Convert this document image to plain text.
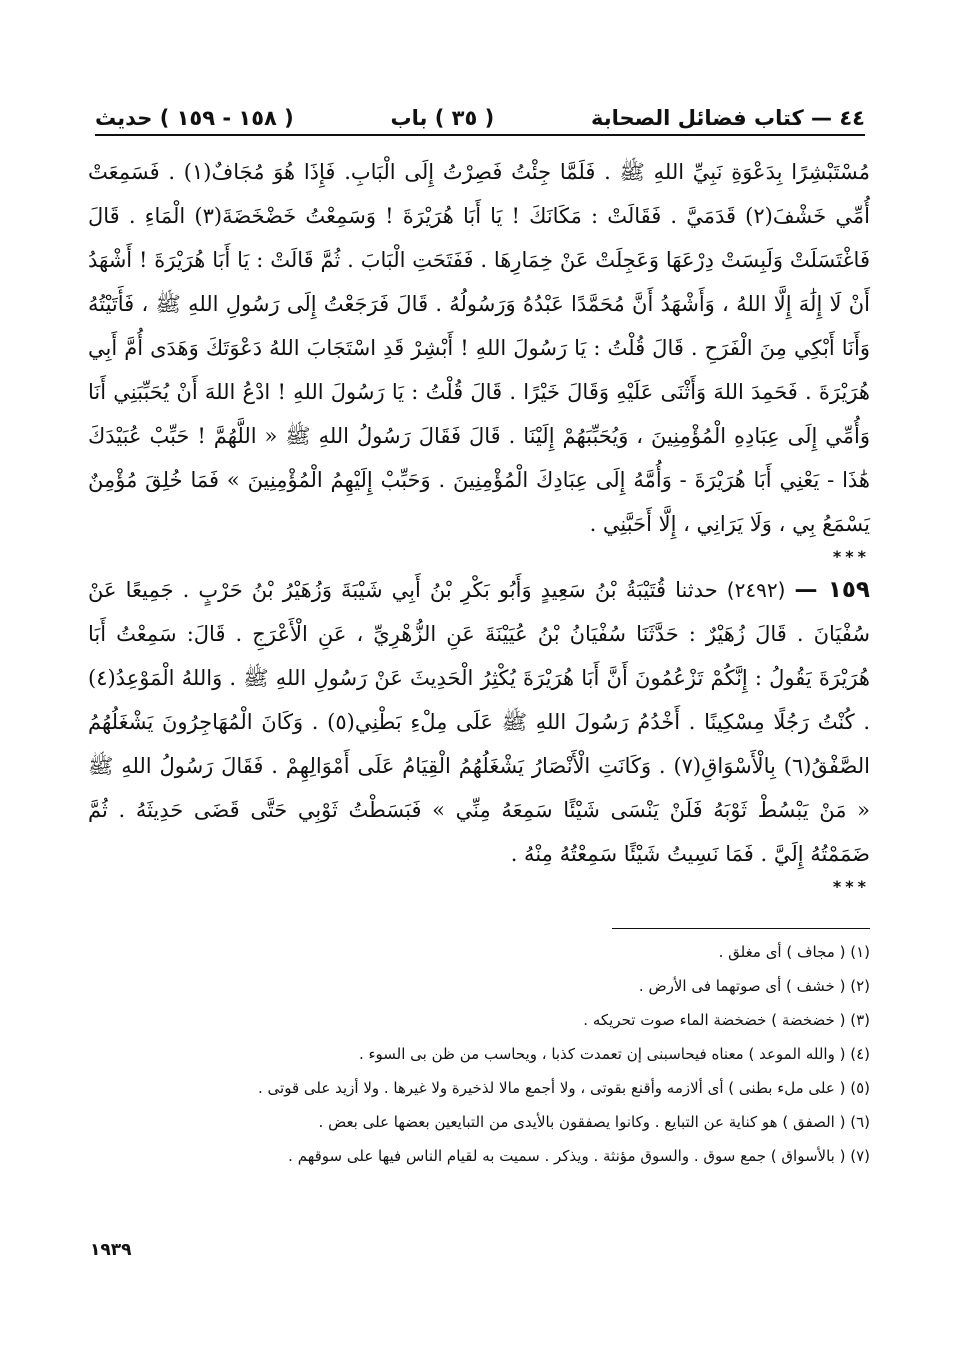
٤٤ — كتاب فضائل الصحابة
( ٣٥ ) باب
( ١٥٨ - ١٥٩ ) حديث

مُسْتَبْشِرًا بِدَعْوَةِ نَبِيِّ اللهِ ﷺ . فَلَمَّا جِئْتُ فَصِرْتُ إِلَى الْبَابِ. فَإِذَا هُوَ مُجَافٌ(١) . فَسَمِعَتْ أُمِّي خَشْفَ(٢) قَدَمَيَّ . فَقَالَتْ : مَكَانَكَ ! يَا أَبَا هُرَيْرَةَ ! وَسَمِعْتُ خَضْخَضَةَ(٣) الْمَاءِ . قَالَ فَاغْتَسَلَتْ وَلَبِسَتْ دِرْعَهَا وَعَجِلَتْ عَنْ خِمَارِهَا . فَفَتَحَتِ الْبَابَ . ثُمَّ قَالَتْ : يَا أَبَا هُرَيْرَةَ ! أَشْهَدُ أَنْ لَا إِلَٰهَ إِلَّا اللهُ ، وَأَشْهَدُ أَنَّ مُحَمَّدًا عَبْدُهُ وَرَسُولُهُ . قَالَ فَرَجَعْتُ إِلَى رَسُولِ اللهِ ﷺ ، فَأَتَيْتُهُ وَأَنَا أَبْكِي مِنَ الْفَرَحِ . قَالَ قُلْتُ : يَا رَسُولَ اللهِ ! أَبْشِرْ قَدِ اسْتَجَابَ اللهُ دَعْوَتَكَ وَهَدَى أُمَّ أَبِي هُرَيْرَةَ . فَحَمِدَ اللهَ وَأَثْنَى عَلَيْهِ وَقَالَ خَيْرًا . قَالَ قُلْتُ : يَا رَسُولَ اللهِ ! ادْعُ اللهَ أَنْ يُحَبِّبَنِي أَنَا وَأُمِّي إِلَى عِبَادِهِ الْمُؤْمِنِينَ ، وَيُحَبِّبَهُمْ إِلَيْنَا . قَالَ فَقَالَ رَسُولُ اللهِ ﷺ « اللَّهُمَّ ! حَبِّبْ عُبَيْدَكَ هَٰذَا - يَعْنِي أَبَا هُرَيْرَةَ - وَأُمَّهُ إِلَى عِبَادِكَ الْمُؤْمِنِينَ . وَحَبِّبْ إِلَيْهِمُ الْمُؤْمِنِينَ » فَمَا خُلِقَ مُؤْمِنٌ يَسْمَعُ بِي ، وَلَا يَرَانِي ، إِلَّا أَحَبَّنِي .

***

١٥٩ — (٢٤٩٢) حدثنا قُتَيْبَةُ بْنُ سَعِيدٍ وَأَبُو بَكْرِ بْنُ أَبِي شَيْبَةَ وَزُهَيْرُ بْنُ حَرْبٍ . جَمِيعًا عَنْ سُفْيَانَ . قَالَ زُهَيْرٌ : حَدَّثَنَا سُفْيَانُ بْنُ عُيَيْنَةَ عَنِ الزُّهْرِيِّ ، عَنِ الْأَعْرَجِ . قَالَ: سَمِعْتُ أَبَا هُرَيْرَةَ يَقُولُ : إِنَّكُمْ تَزْعُمُونَ أَنَّ أَبَا هُرَيْرَةَ يُكْثِرُ الْحَدِيثَ عَنْ رَسُولِ اللهِ ﷺ . وَاللهُ الْمَوْعِدُ(٤) . كُنْتُ رَجُلًا مِسْكِينًا . أَخْدُمُ رَسُولَ اللهِ ﷺ عَلَى مِلْءِ بَطْنِي(٥) . وَكَانَ الْمُهَاجِرُونَ يَشْغَلُهُمُ الصَّفْقُ(٦) بِالْأَسْوَاقِ(٧) . وَكَانَتِ الْأَنْصَارُ يَشْغَلُهُمُ الْقِيَامُ عَلَى أَمْوَالِهِمْ . فَقَالَ رَسُولُ اللهِ ﷺ « مَنْ يَبْسُطْ ثَوْبَهُ فَلَنْ يَنْسَى شَيْئًا سَمِعَهُ مِنِّي » فَبَسَطْتُ ثَوْبِي حَتَّى قَضَى حَدِيثَهُ . ثُمَّ ضَمَمْتُهُ إِلَيَّ . فَمَا نَسِيتُ شَيْئًا سَمِعْتُهُ مِنْهُ .

***
(١) ( مجاف ) أى مغلق .
(٢) ( خشف ) أى صوتهما فى الأرض .
(٣) ( خضخضة ) خضخضة الماء صوت تحريكه .
(٤) ( والله الموعد ) معناه فيحاسبنى إن تعمدت كذبا ، ويحاسب من ظن بى السوء .
(٥) ( على ملء بطنى ) أى ألازمه وأقنع بقوتى ، ولا أجمع مالا لذخيرة ولا غيرها . ولا أزيد على قوتى .
(٦) ( الصفق ) هو كناية عن التبايع . وكانوا يصفقون بالأيدى من التبايعين بعضها على بعض .
(٧) ( بالأسواق ) جمع سوق . والسوق مؤنثة . ويذكر . سميت به لقيام الناس فيها على سوقهم .
١٩٣٩
